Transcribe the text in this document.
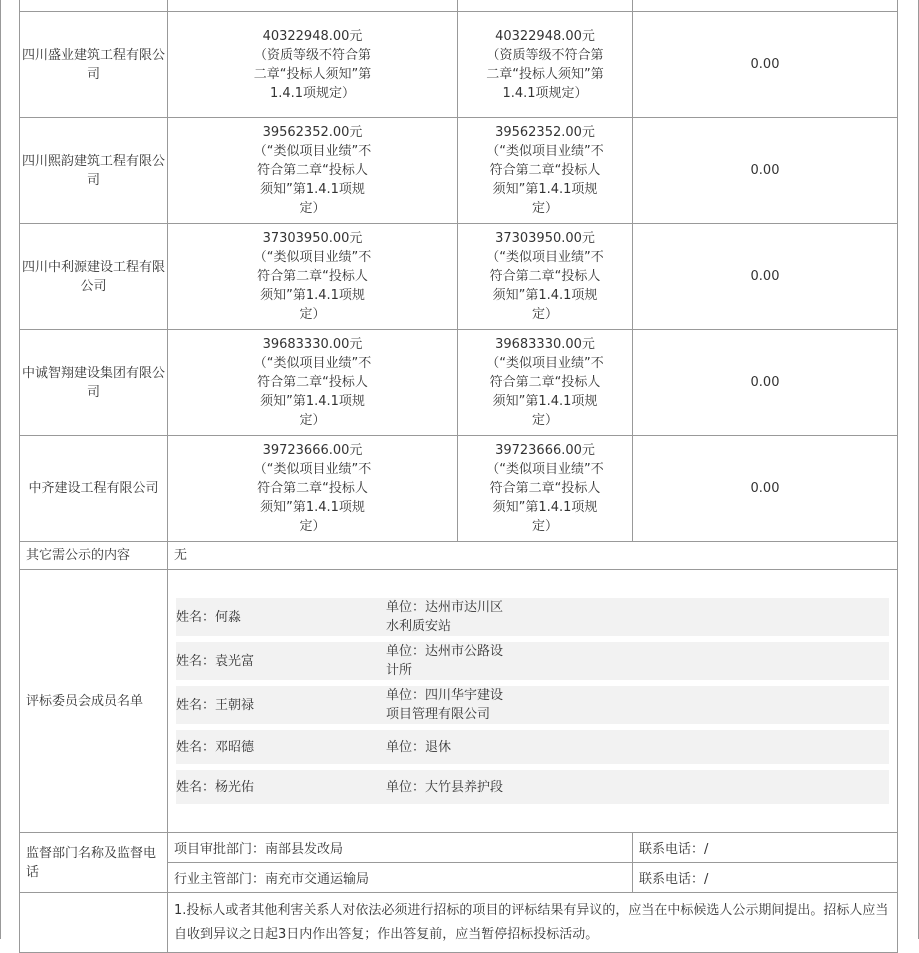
四川盛业建筑工程有限公司	40322948.00元（资质等级不符合第二章“投标人须知”第1.4.1项规定）	40322948.00元（资质等级不符合第二章“投标人须知”第1.4.1项规定）	0.00
四川熙韵建筑工程有限公司	39562352.00元（“类似项目业绩”不符合第二章“投标人须知”第1.4.1项规定）	39562352.00元（“类似项目业绩”不符合第二章“投标人须知”第1.4.1项规定）	0.00
四川中利源建设工程有限公司	37303950.00元（“类似项目业绩”不符合第二章“投标人须知”第1.4.1项规定）	37303950.00元（“类似项目业绩”不符合第二章“投标人须知”第1.4.1项规定）	0.00
中诚智翔建设集团有限公司	39683330.00元（“类似项目业绩”不符合第二章“投标人须知”第1.4.1项规定）	39683330.00元（“类似项目业绩”不符合第二章“投标人须知”第1.4.1项规定）	0.00
中齐建设工程有限公司	39723666.00元（“类似项目业绩”不符合第二章“投标人须知”第1.4.1项规定）	39723666.00元（“类似项目业绩”不符合第二章“投标人须知”第1.4.1项规定）	0.00
其它需公示的内容	无
评标委员会成员名单	
姓名：何淼	单位：达州市达川区水利质安站
姓名：袁光富	单位：达州市公路设计所
姓名：王朝禄	单位：四川华宇建设项目管理有限公司
姓名：邓昭德	单位：退休
姓名：杨光佑	单位：大竹县养护段

监督部门名称及监督电话	项目审批部门：南部县发改局	联系电话：/
行业主管部门：南充市交通运输局	联系电话：/
	1.投标人或者其他利害关系人对依法必须进行招标的项目的评标结果有异议的，应当在中标候选人公示期间提出。招标人应当自收到异议之日起3日内作出答复；作出答复前，应当暂停招标投标活动。
